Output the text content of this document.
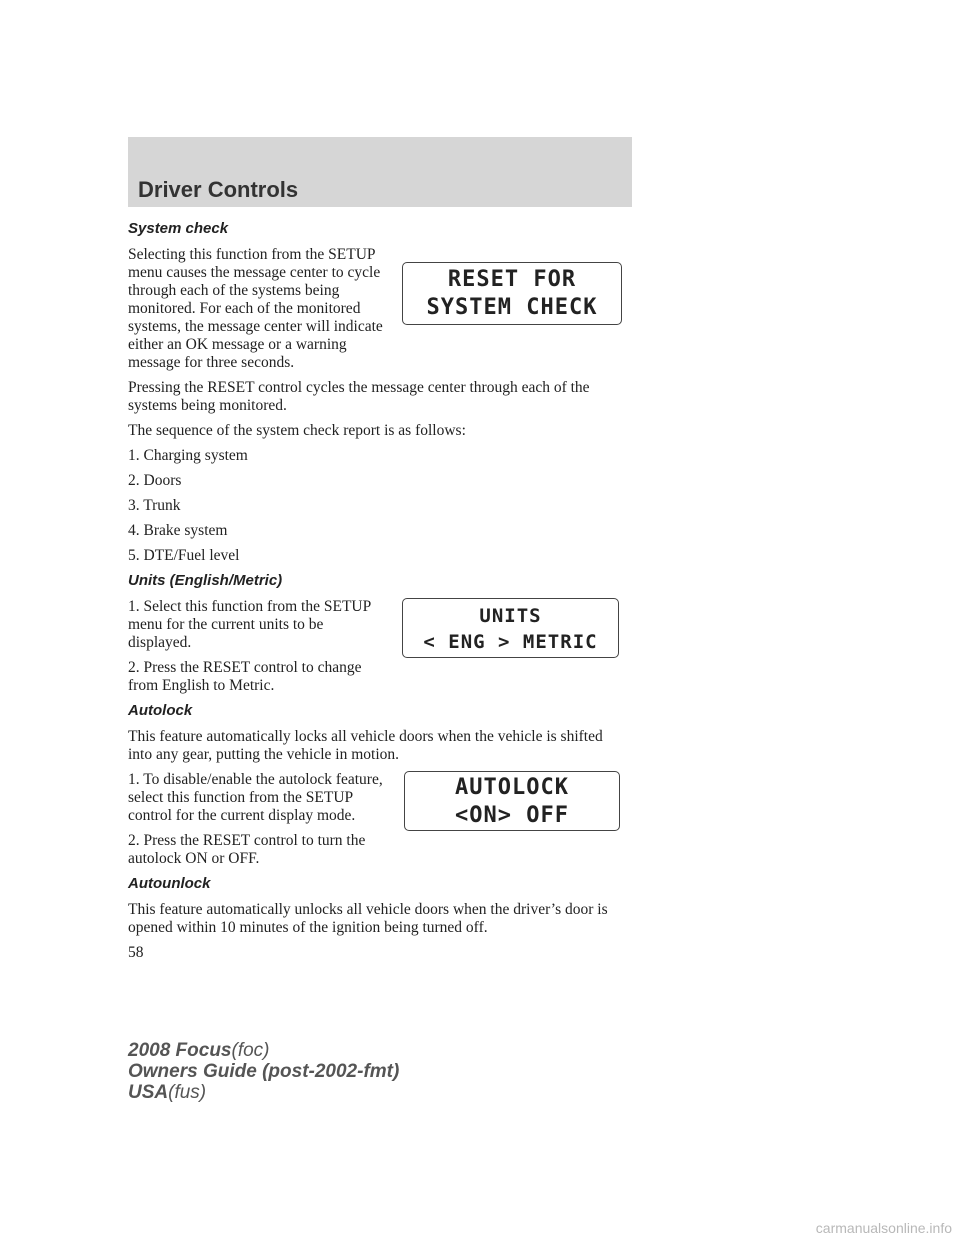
Driver Controls
System check

Selecting this function from the SETUP menu causes the message center to cycle through each of the systems being monitored. For each of the monitored systems, the message center will indicate either an OK message or a warning message for three seconds.

RESET FOR
SYSTEM CHECK

Pressing the RESET control cycles the message center through each of the systems being monitored.

The sequence of the system check report is as follows:

1. Charging system

2. Doors

3. Trunk

4. Brake system

5. DTE/Fuel level

Units (English/Metric)

1. Select this function from the SETUP menu for the current units to be displayed.

2. Press the RESET control to change from English to Metric.

UNITS
< ENG > METRIC
Autolock

This feature automatically locks all vehicle doors when the vehicle is shifted into any gear, putting the vehicle in motion.

1. To disable/enable the autolock feature, select this function from the SETUP control for the current display mode.

2. Press the RESET control to turn the autolock ON or OFF.

AUTOLOCK
<ON> OFF
Autounlock

This feature automatically unlocks all vehicle doors when the driver’s door is opened within 10 minutes of the ignition being turned off.

58
2008 Focus(foc)
Owners Guide (post-2002-fmt)
USA(fus)
carmanualsonline.info
